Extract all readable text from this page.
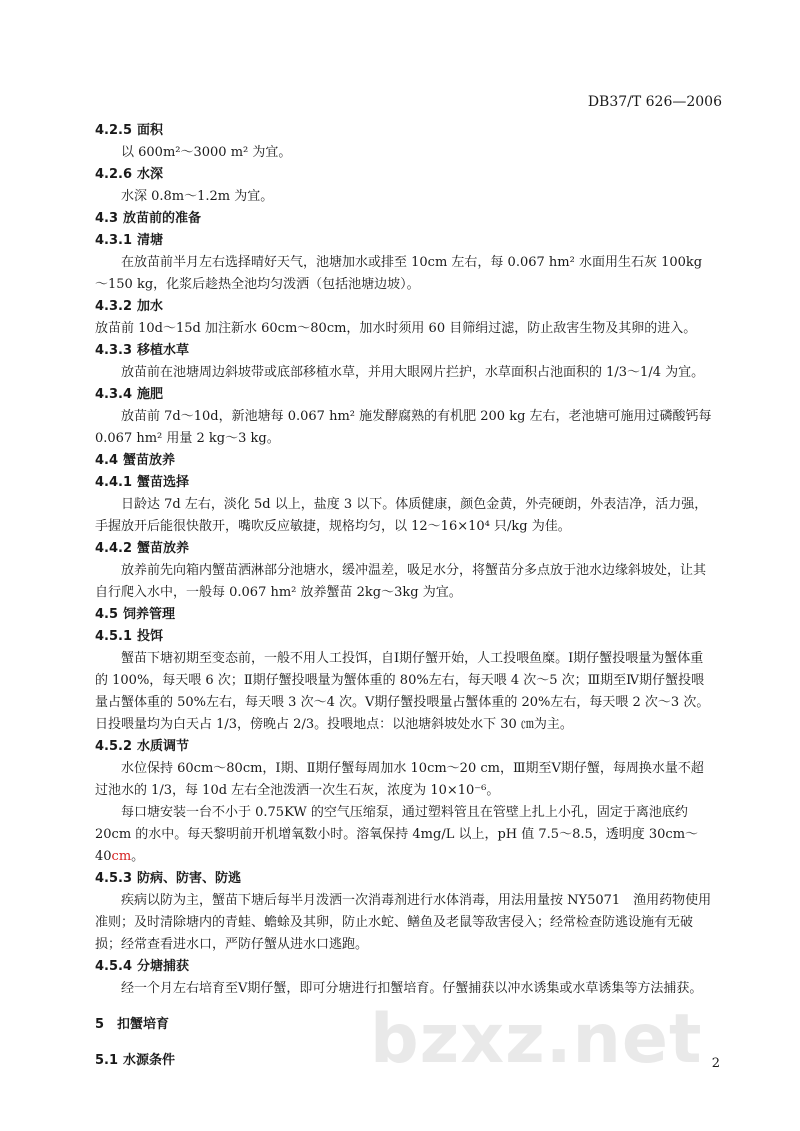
DB37/T 626—2006
4.2.5 面积
以 600m²～3000 m² 为宜。
4.2.6 水深
水深 0.8m～1.2m 为宜。
4.3 放苗前的准备
4.3.1 清塘
在放苗前半月左右选择晴好天气，池塘加水或排至 10cm 左右，每 0.067 hm² 水面用生石灰 100kg～150 kg，化浆后趁热全池均匀泼洒（包括池塘边坡）。
4.3.2 加水
放苗前 10d～15d 加注新水 60cm～80cm，加水时须用 60 目筛绢过滤，防止敌害生物及其卵的进入。
4.3.3 移植水草
放苗前在池塘周边斜坡带或底部移植水草，并用大眼网片拦护，水草面积占池面积的 1/3～1/4 为宜。
4.3.4 施肥
放苗前 7d～10d，新池塘每 0.067 hm² 施发酵腐熟的有机肥 200 kg 左右，老池塘可施用过磷酸钙每 0.067 hm² 用量 2 kg～3 kg。
4.4 蟹苗放养
4.4.1 蟹苗选择
日龄达 7d 左右，淡化 5d 以上，盐度 3 以下。体质健康，颜色金黄，外壳硬朗，外表洁净，活力强，手握放开后能很快散开，嘴吹反应敏捷，规格均匀，以 12～16×10⁴ 只/kg 为佳。
4.4.2 蟹苗放养
放养前先向箱内蟹苗洒淋部分池塘水，缓冲温差，吸足水分，将蟹苗分多点放于池水边缘斜坡处，让其自行爬入水中，一般每 0.067 hm² 放养蟹苗 2kg～3kg 为宜。
4.5 饲养管理
4.5.1 投饵
蟹苗下塘初期至变态前，一般不用人工投饵，自Ⅰ期仔蟹开始，人工投喂鱼糜。Ⅰ期仔蟹投喂量为蟹体重的 100%，每天喂 6 次；Ⅱ期仔蟹投喂量为蟹体重的 80%左右，每天喂 4 次～5 次；Ⅲ期至Ⅳ期仔蟹投喂量占蟹体重的 50%左右，每天喂 3 次～4 次。Ⅴ期仔蟹投喂量占蟹体重的 20%左右，每天喂 2 次～3 次。日投喂量均为白天占 1/3，傍晚占 2/3。投喂地点：以池塘斜坡处水下 30 ㎝为主。
4.5.2 水质调节
水位保持 60cm～80cm，Ⅰ期、Ⅱ期仔蟹每周加水 10cm～20 cm，Ⅲ期至Ⅴ期仔蟹，每周换水量不超过池水的 1/3，每 10d 左右全池泼洒一次生石灰，浓度为 10×10⁻⁶。
每口塘安装一台不小于 0.75KW 的空气压缩泵，通过塑料管且在管壁上扎上小孔，固定于离池底约 20cm 的水中。每天黎明前开机增氧数小时。溶氧保持 4mg/L 以上，pH 值 7.5～8.5，透明度 30cm～40cm。
4.5.3 防病、防害、防逃
疾病以防为主，蟹苗下塘后每半月泼洒一次消毒剂进行水体消毒，用法用量按 NY5071　渔用药物使用准则；及时清除塘内的青蛙、蟾蜍及其卵，防止水蛇、鳝鱼及老鼠等敌害侵入；经常检查防逃设施有无破损；经常查看进水口，严防仔蟹从进水口逃跑。
4.5.4 分塘捕获
经一个月左右培育至Ⅴ期仔蟹，即可分塘进行扣蟹培育。仔蟹捕获以冲水诱集或水草诱集等方法捕获。
5 扣蟹培育
5.1 水源条件	bzxz.net 2
